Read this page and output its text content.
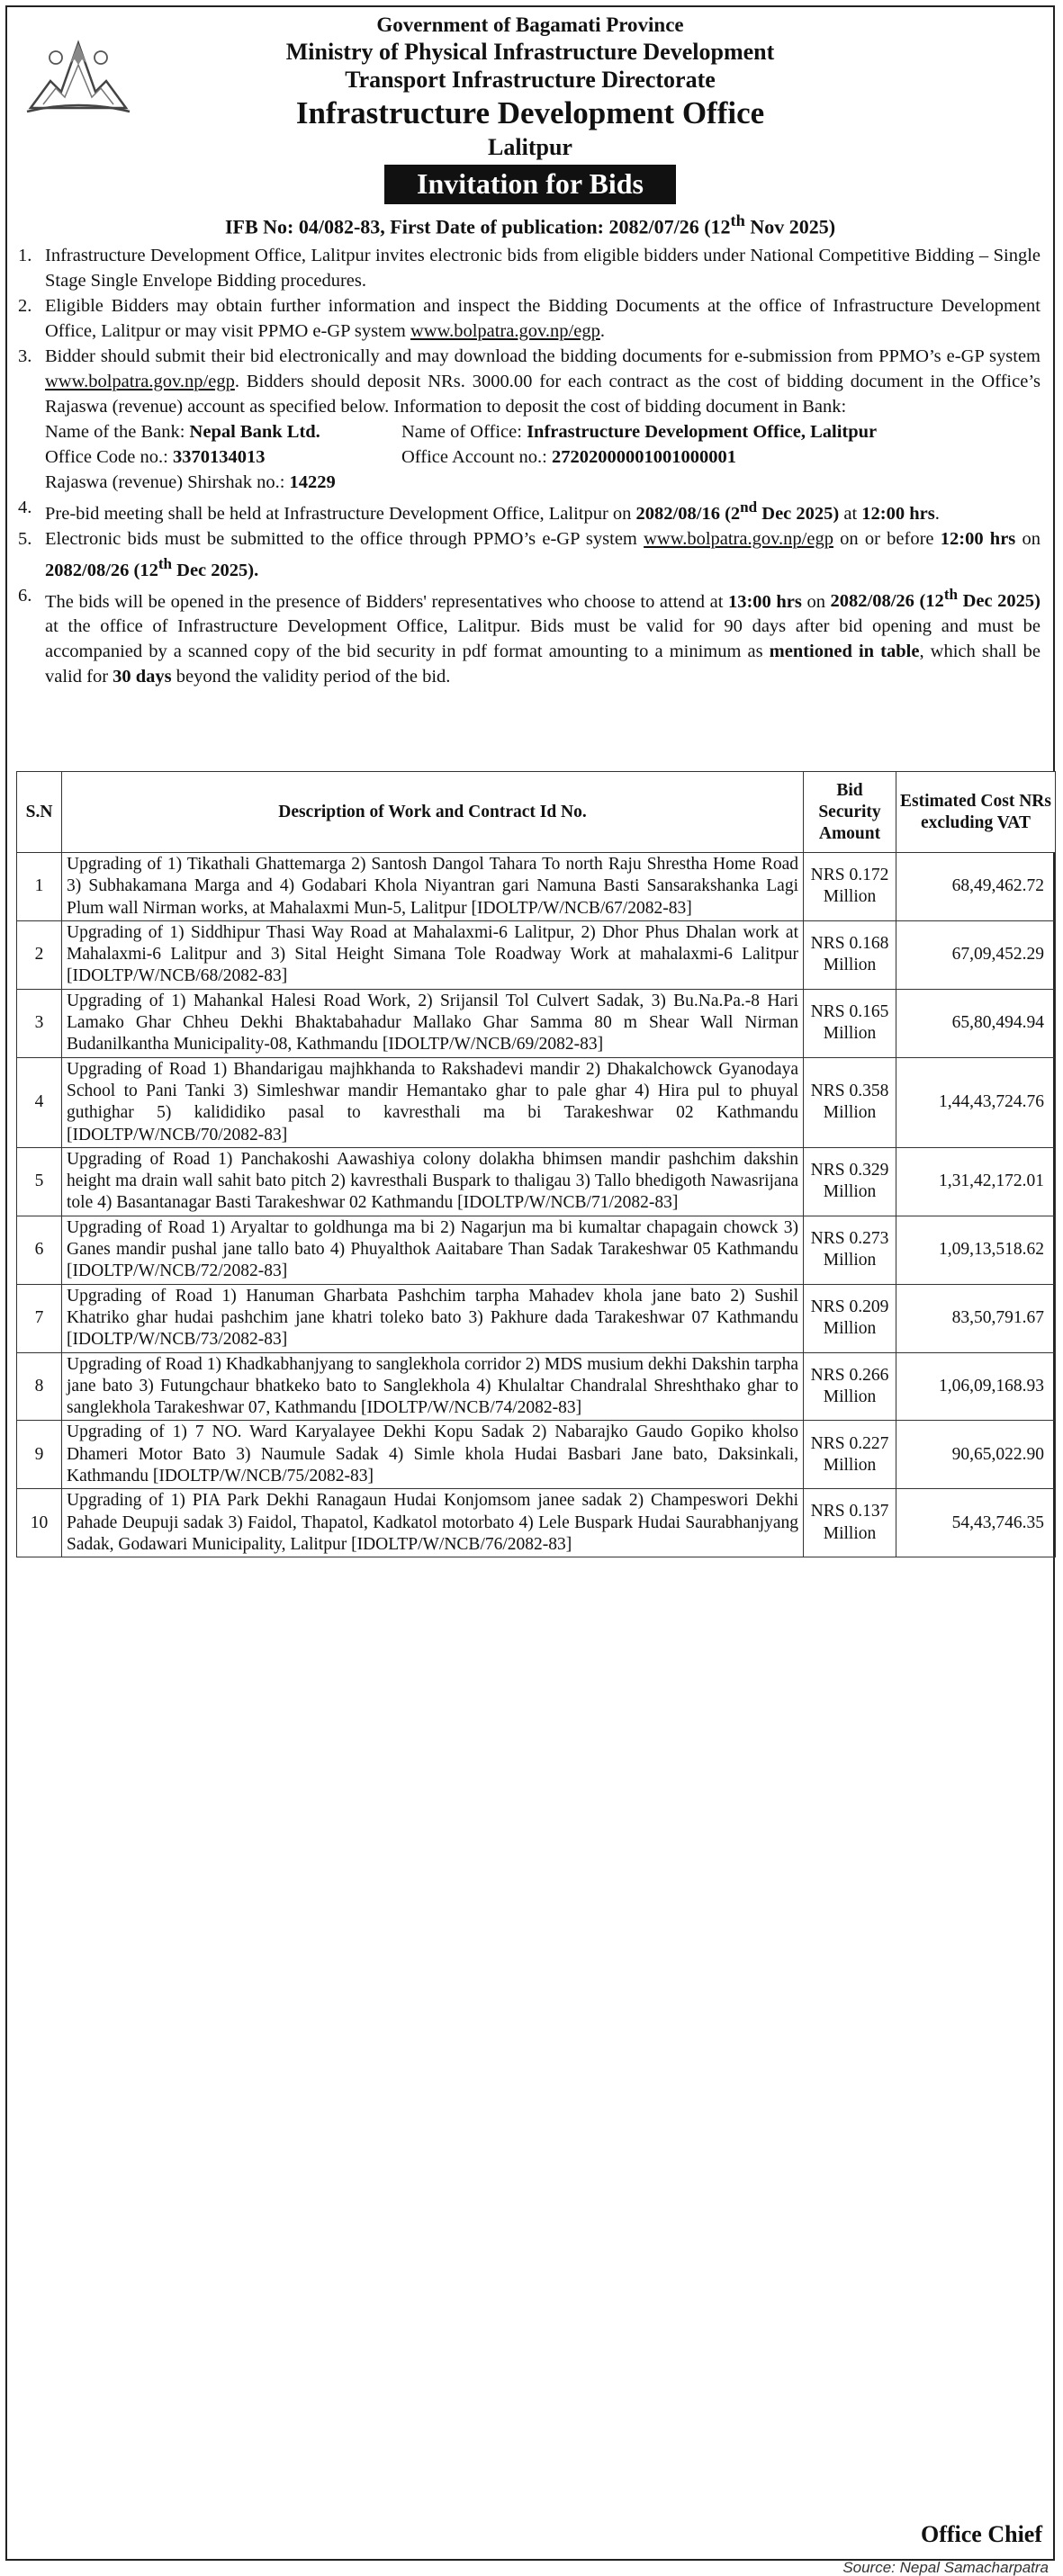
Government of Bagamati Province
Ministry of Physical Infrastructure Development
Transport Infrastructure Directorate
Infrastructure Development Office
Lalitpur
Invitation for Bids
IFB No: 04/082-83, First Date of publication: 2082/07/26 (12th Nov 2025)
1. Infrastructure Development Office, Lalitpur invites electronic bids from eligible bidders under National Competitive Bidding – Single Stage Single Envelope Bidding procedures.
2. Eligible Bidders may obtain further information and inspect the Bidding Documents at the office of Infrastructure Development Office, Lalitpur or may visit PPMO e-GP system www.bolpatra.gov.np/egp.
3. Bidder should submit their bid electronically and may download the bidding documents for e-submission from PPMO’s e-GP system www.bolpatra.gov.np/egp. Bidders should deposit NRs. 3000.00 for each contract as the cost of bidding document in the Office’s Rajaswa (revenue) account as specified below. Information to deposit the cost of bidding document in Bank:
Name of the Bank: Nepal Bank Ltd.	Name of Office: Infrastructure Development Office, Lalitpur
Office Code no.: 3370134013	Office Account no.: 27202000001001000001
Rajaswa (revenue) Shirshak no.: 14229
4. Pre-bid meeting shall be held at Infrastructure Development Office, Lalitpur on 2082/08/16 (2nd Dec 2025) at 12:00 hrs.
5. Electronic bids must be submitted to the office through PPMO’s e-GP system www.bolpatra.gov.np/egp on or before 12:00 hrs on 2082/08/26 (12th Dec 2025).
6. The bids will be opened in the presence of Bidders' representatives who choose to attend at 13:00 hrs on 2082/08/26 (12th Dec 2025) at the office of Infrastructure Development Office, Lalitpur. Bids must be valid for 90 days after bid opening and must be accompanied by a scanned copy of the bid security in pdf format amounting to a minimum as mentioned in table, which shall be valid for 30 days beyond the validity period of the bid.
S.N	Description of Work and Contract Id No.	Bid Security Amount	Estimated Cost NRs excluding VAT
1	Upgrading of 1) Tikathali Ghattemarga 2) Santosh Dangol Tahara To north Raju Shrestha Home Road 3) Subhakamana Marga and 4) Godabari Khola Niyantran gari Namuna Basti Sansarakshanka Lagi Plum wall Nirman works, at Mahalaxmi Mun-5, Lalitpur [IDOLTP/W/NCB/67/2082-83]	NRS 0.172 Million	68,49,462.72
2	Upgrading of 1) Siddhipur Thasi Way Road at Mahalaxmi-6 Lalitpur, 2) Dhor Phus Dhalan work at Mahalaxmi-6 Lalitpur and 3) Sital Height Simana Tole Roadway Work at mahalaxmi-6 Lalitpur [IDOLTP/W/NCB/68/2082-83]	NRS 0.168 Million	67,09,452.29
3	Upgrading of 1) Mahankal Halesi Road Work, 2) Srijansil Tol Culvert Sadak, 3) Bu.Na.Pa.-8 Hari Lamako Ghar Chheu Dekhi Bhaktabahadur Mallako Ghar Samma 80 m Shear Wall Nirman Budanilkantha Municipality-08, Kathmandu [IDOLTP/W/NCB/69/2082-83]	NRS 0.165 Million	65,80,494.94
4	Upgrading of Road 1) Bhandarigau majhkhanda to Rakshadevi mandir 2) Dhakalchowck Gyanodaya School to Pani Tanki 3) Simleshwar mandir Hemantako ghar to pale ghar 4) Hira pul to phuyal guthighar 5) kalididiko pasal to kavresthali ma bi Tarakeshwar 02 Kathmandu [IDOLTP/W/NCB/70/2082-83]	NRS 0.358 Million	1,44,43,724.76
5	Upgrading of Road 1) Panchakoshi Aawashiya colony dolakha bhimsen mandir pashchim dakshin height ma drain wall sahit bato pitch 2) kavresthali Buspark to thaligau 3) Tallo bhedigoth Nawasrijana tole 4) Basantanagar Basti Tarakeshwar 02 Kathmandu [IDOLTP/W/NCB/71/2082-83]	NRS 0.329 Million	1,31,42,172.01
6	Upgrading of Road 1) Aryaltar to goldhunga ma bi 2) Nagarjun ma bi kumaltar chapagain chowck 3) Ganes mandir pushal jane tallo bato 4) Phuyalthok Aaitabare Than Sadak Tarakeshwar 05 Kathmandu [IDOLTP/W/NCB/72/2082-83]	NRS 0.273 Million	1,09,13,518.62
7	Upgrading of Road 1) Hanuman Gharbata Pashchim tarpha Mahadev khola jane bato 2) Sushil Khatriko ghar hudai pashchim jane khatri toleko bato 3) Pakhure dada Tarakeshwar 07 Kathmandu [IDOLTP/W/NCB/73/2082-83]	NRS 0.209 Million	83,50,791.67
8	Upgrading of Road 1) Khadkabhanjyang to sanglekhola corridor 2) MDS musium dekhi Dakshin tarpha jane bato 3) Futungchaur bhatkeko bato to Sanglekhola 4) Khulaltar Chandralal Shreshthako ghar to sanglekhola Tarakeshwar 07, Kathmandu [IDOLTP/W/NCB/74/2082-83]	NRS 0.266 Million	1,06,09,168.93
9	Upgrading of 1) 7 NO. Ward Karyalayee Dekhi Kopu Sadak 2) Nabarajko Gaudo Gopiko kholso Dhameri Motor Bato 3) Naumule Sadak 4) Simle khola Hudai Basbari Jane bato, Daksinkali, Kathmandu [IDOLTP/W/NCB/75/2082-83]	NRS 0.227 Million	90,65,022.90
10	Upgrading of 1) PIA Park Dekhi Ranagaun Hudai Konjomsom janee sadak 2) Champeswori Dekhi Pahade Deupuji sadak 3) Faidol, Thapatol, Kadkatol motorbato 4) Lele Buspark Hudai Saurabhanjyang Sadak, Godawari Municipality, Lalitpur [IDOLTP/W/NCB/76/2082-83]	NRS 0.137 Million	54,43,746.35
Office Chief
Source: Nepal Samacharpatra
